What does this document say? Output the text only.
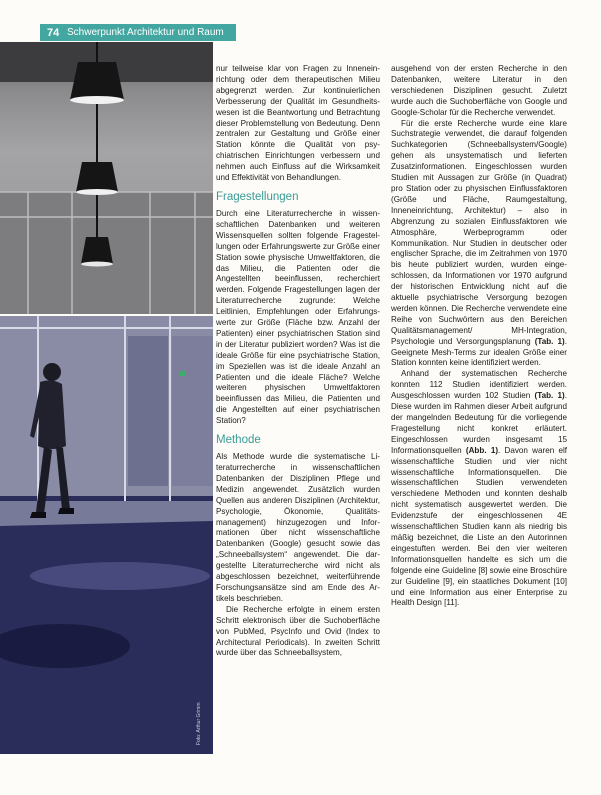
74 Schwerpunkt Architektur und Raum
Foto: Arthur Grimm

nur teilweise klar von Fragen zu Inneneinrichtung oder dem therapeutischen Milieu abgegrenzt werden. Zur kontinuierlichen Verbesserung der Qualität im Gesundheitswesen ist die Beantwortung und Betrachtung dieser Problemstellung von Bedeutung. Denn zentralen zur Gestaltung und Größe einer Station könnte die Qualität von psychiatrischen Einrichtungen verbessern und nehmen auch Einfluss auf die Wirksamkeit und Effektivität von Behandlungen.

Fragestellungen

Durch eine Literaturrecherche in wissenschaftlichen Datenbanken und weiteren Wissensquellen sollten folgende Fragestellungen oder Erfahrungswerte zur Größe einer Station sowie physische Umweltfaktoren, die das Milieu, die Patienten oder die Angestellten beeinflussen, recherchiert werden. Folgende Fragestellungen lagen der Literaturrecherche zugrunde: Welche Leitlinien, Empfehlungen oder Erfahrungswerte zur Größe (Fläche bzw. Anzahl der Patienten) einer psychiatrischen Station sind in der Literatur publiziert worden? Was ist die ideale Größe für eine psychiatrische Station, im Speziellen was ist die ideale Anzahl an Patienten und die ideale Fläche? Welche weiteren physischen Umweltfaktoren beeinflussen das Milieu, die Patienten und die Angestellten auf einer psychiatrischen Station?

Methode

Als Methode wurde die systematische Literaturrecherche in wissenschaftlichen Datenbanken der Disziplinen Pflege und Medizin angewendet. Zusätzlich wurden Quellen aus anderen Disziplinen (Architektur, Psychologie, Ökonomie, Qualitätsmanagement) hinzugezogen und Informationen über nicht wissenschaftliche Datenbanken (Google) gesucht sowie das „Schneeballsystem“ angewendet. Die dargestellte Literaturrecherche wird nicht als abgeschlossen bezeichnet, weiterführende Forschungsansätze sind am Ende des Artikels beschrieben.

Die Recherche erfolgte in einem ersten Schritt elektronisch über die Suchoberfläche von PubMed, PsycInfo und Ovid (Index to Architectural Periodicals). In zweiten Schritt wurde über das Schneeballsystem,

ausgehend von der ersten Recherche in den Datenbanken, weitere Literatur in den verschiedenen Disziplinen gesucht. Zuletzt wurde auch die Suchoberfläche von Google und Google-Scholar für die Recherche verwendet.

Für die erste Recherche wurde eine klare Suchstrategie verwendet, die darauf folgenden Suchkategorien (Schneeballsystem/Google) gehen als unsystematisch und lieferten Zusatzinformationen. Eingeschlossen wurden Studien mit Aussagen zur Größe (in Quadrat) pro Station oder zu physischen Einflussfaktoren (Größe und Fläche, Raumgestaltung, Inneneinrichtung, Architektur) – also in Abgrenzung zu sozialen Einflussfaktoren wie Atmosphäre, Werbeprogramm oder Kommunikation. Nur Studien in deutscher oder englischer Sprache, die im Zeitrahmen von 1970 bis heute publiziert wurden, wurden eingeschlossen, da Informationen vor 1970 aufgrund der historischen Entwicklung nicht auf die aktuelle psychiatrische Versorgung bezogen werden können. Die Recherche verwendete eine Reihe von Suchwörtern aus den Bereichen Qualitätsmanagement/ MH-Integration, Psychologie und Versorgungsplanung (Tab. 1). Geeignete Mesh-Terms zur idealen Größe einer Station konnten keine identifiziert werden.

Anhand der systematischen Recherche konnten 112 Studien identifiziert werden. Ausgeschlossen wurden 102 Studien (Tab. 1). Diese wurden im Rahmen dieser Arbeit aufgrund der mangelnden Bedeutung für die vorliegende Fragestellung nicht konkret erläutert. Eingeschlossen wurden insgesamt 15 Informationsquellen (Abb. 1). Davon waren elf wissenschaftliche Studien und vier nicht wissenschaftliche Informationsquellen. Die wissenschaftlichen Studien verwendeten verschiedene Methoden und konnten deshalb nicht systematisch ausgewertet werden. Die Evidenzstufe der eingeschlossenen 4E wissenschaftlichen Studien kann als niedrig bis mäßig bezeichnet, die Liste an den Autorinnen eingestuften werden. Bei den vier weiteren Informationsquellen handelte es sich um die folgende eine Guideline [8] sowie eine Broschüre zur Guideline [9], ein staatliches Dokument [10] und eine Information aus einer Enterprise zu Health Design [11].
